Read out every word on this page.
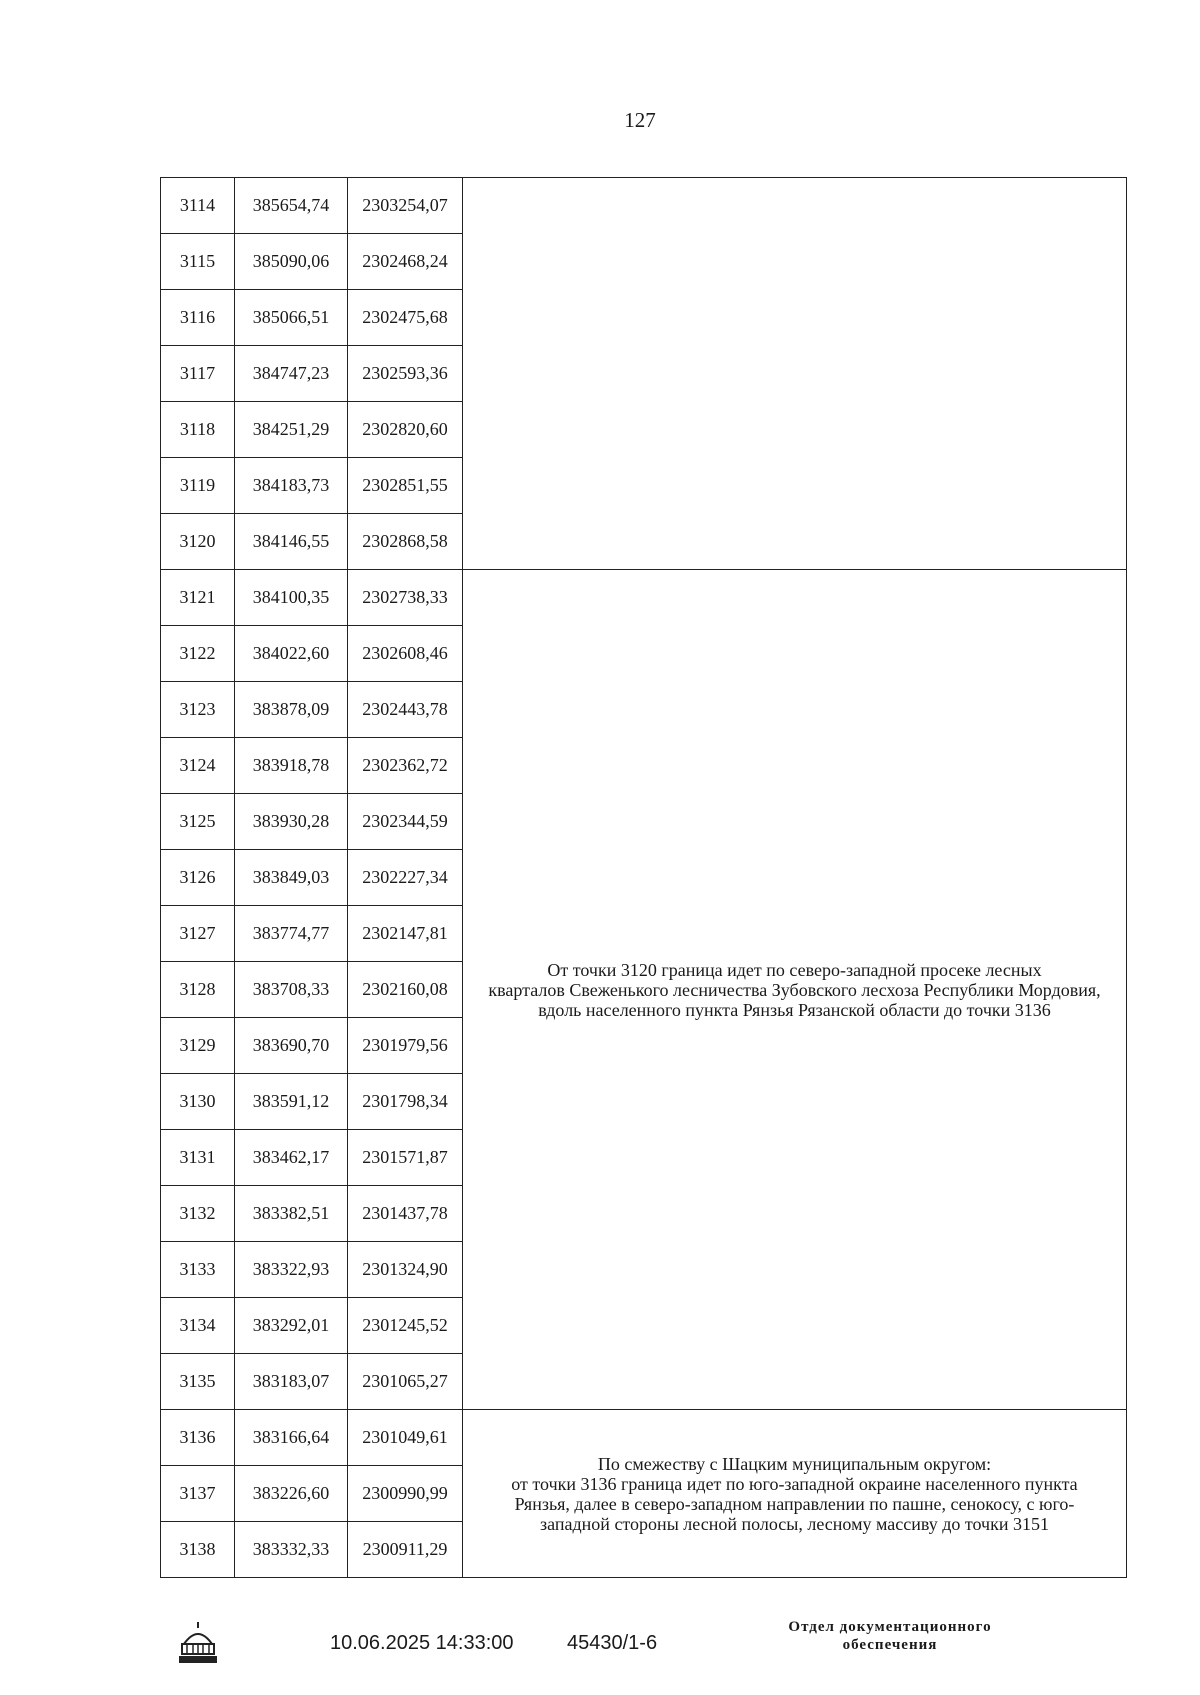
127
3114	385654,74	2303254,07	
3115	385090,06	2302468,24	
3116	385066,51	2302475,68	
3117	384747,23	2302593,36	
3118	384251,29	2302820,60	
3119	384183,73	2302851,55	
3120	384146,55	2302868,58	
3121	384100,35	2302738,33	От точки 3120 граница идет по северо-западной просеке лесных
кварталов Свеженького лесничества Зубовского лесхоза Республики Мордовия,
вдоль населенного пункта Рянзья Рязанской области до точки 3136

3122	384022,60	2302608,46	
3123	383878,09	2302443,78	
3124	383918,78	2302362,72	
3125	383930,28	2302344,59	
3126	383849,03	2302227,34	
3127	383774,77	2302147,81	
3128	383708,33	2302160,08	
3129	383690,70	2301979,56	
3130	383591,12	2301798,34	
3131	383462,17	2301571,87	
3132	383382,51	2301437,78	
3133	383322,93	2301324,90	
3134	383292,01	2301245,52	
3135	383183,07	2301065,27	
3136	383166,64	2301049,61	По смежеству с Шацким муниципальным округом:
от точки 3136 граница идет по юго-западной окраине населенного пункта
Рянзья, далее в северо-западном направлении по пашне, сенокосу, с юго-
западной стороны лесной полосы, лесному массиву до точки 3151

3137	383226,60	2300990,99	
3138	383332,33	2300911,29	
10.06.2025 14:33:00	45430/1-6
Отдел документационного
обеспечения
